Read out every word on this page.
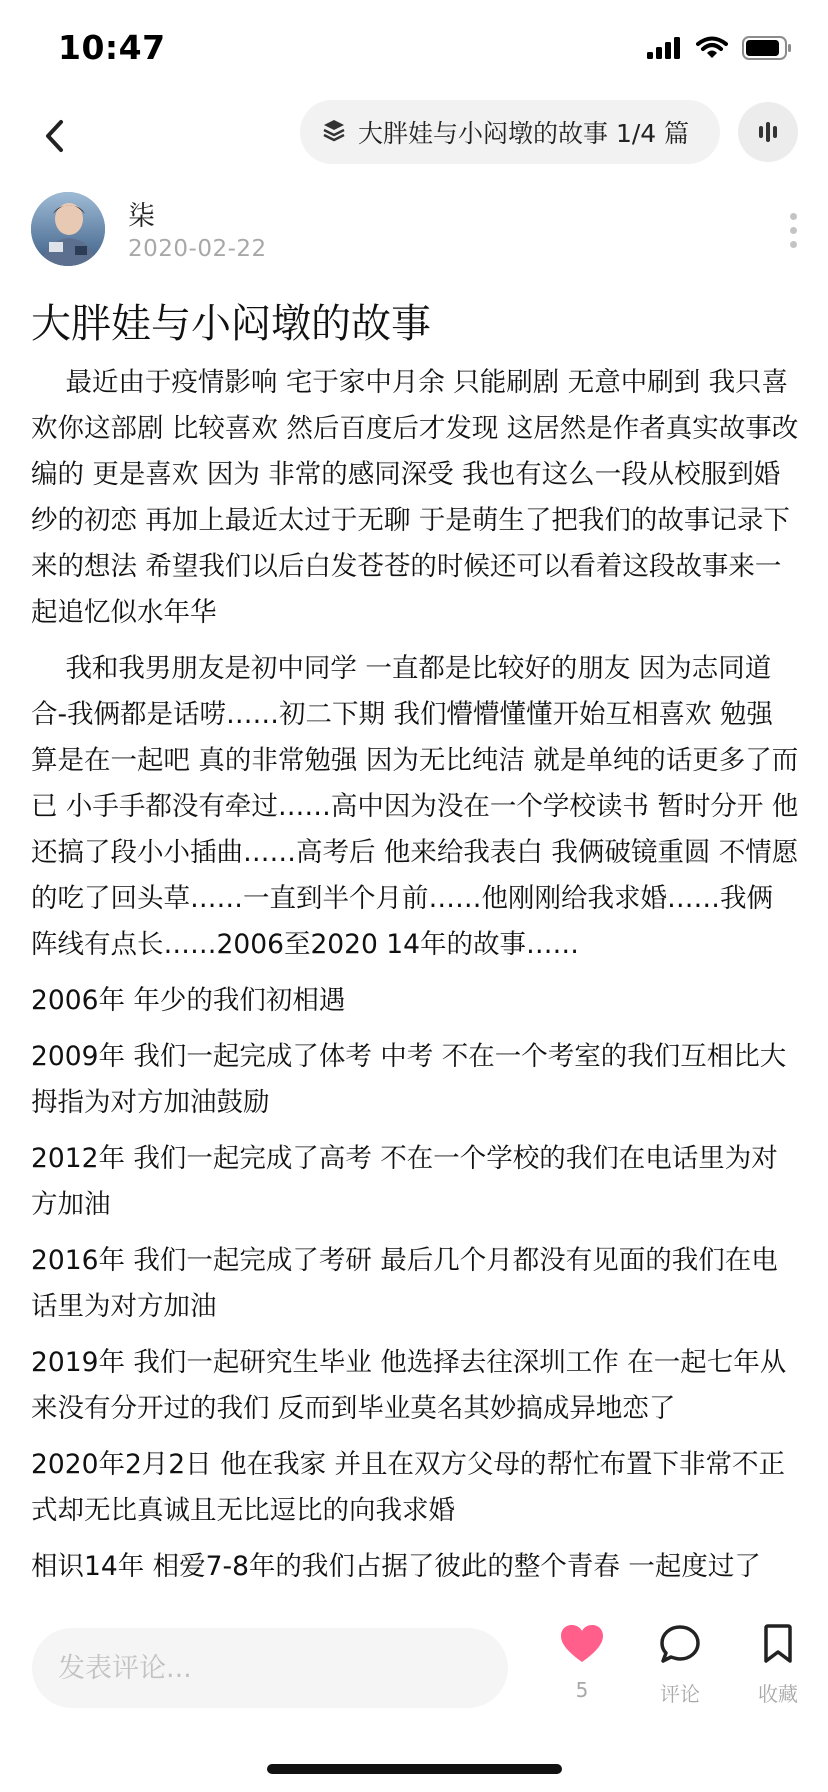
10:47
大胖娃与小闷墩的故事 1/4 篇
柒
2020-02-22
大胖娃与小闷墩的故事

最近由于疫情影响 宅于家中月余 只能刷剧 无意中刷到 我只喜欢你这部剧 比较喜欢 然后百度后才发现 这居然是作者真实故事改编的 更是喜欢 因为 非常的感同深受 我也有这么一段从校服到婚纱的初恋 再加上最近太过于无聊 于是萌生了把我们的故事记录下来的想法 希望我们以后白发苍苍的时候还可以看着这段故事来一起追忆似水年华

我和我男朋友是初中同学 一直都是比较好的朋友 因为志同道合-我俩都是话唠……初二下期 我们懵懵懂懂开始互相喜欢 勉强算是在一起吧 真的非常勉强 因为无比纯洁 就是单纯的话更多了而已 小手手都没有牵过……高中因为没在一个学校读书 暂时分开 他还搞了段小小插曲……高考后 他来给我表白 我俩破镜重圆 不情愿的吃了回头草……一直到半个月前……他刚刚给我求婚……我俩阵线有点长……2006至2020 14年的故事……

2006年 年少的我们初相遇

2009年 我们一起完成了体考 中考 不在一个考室的我们互相比大拇指为对方加油鼓励

2012年 我们一起完成了高考 不在一个学校的我们在电话里为对方加油

2016年 我们一起完成了考研 最后几个月都没有见面的我们在电话里为对方加油

2019年 我们一起研究生毕业 他选择去往深圳工作 在一起七年从来没有分开过的我们 反而到毕业莫名其妙搞成异地恋了

2020年2月2日 他在我家 并且在双方父母的帮忙布置下非常不正式却无比真诚且无比逗比的向我求婚

相识14年 相爱7-8年的我们占据了彼此的整个青春 一起度过了

发表评论...
5	评论	收藏
